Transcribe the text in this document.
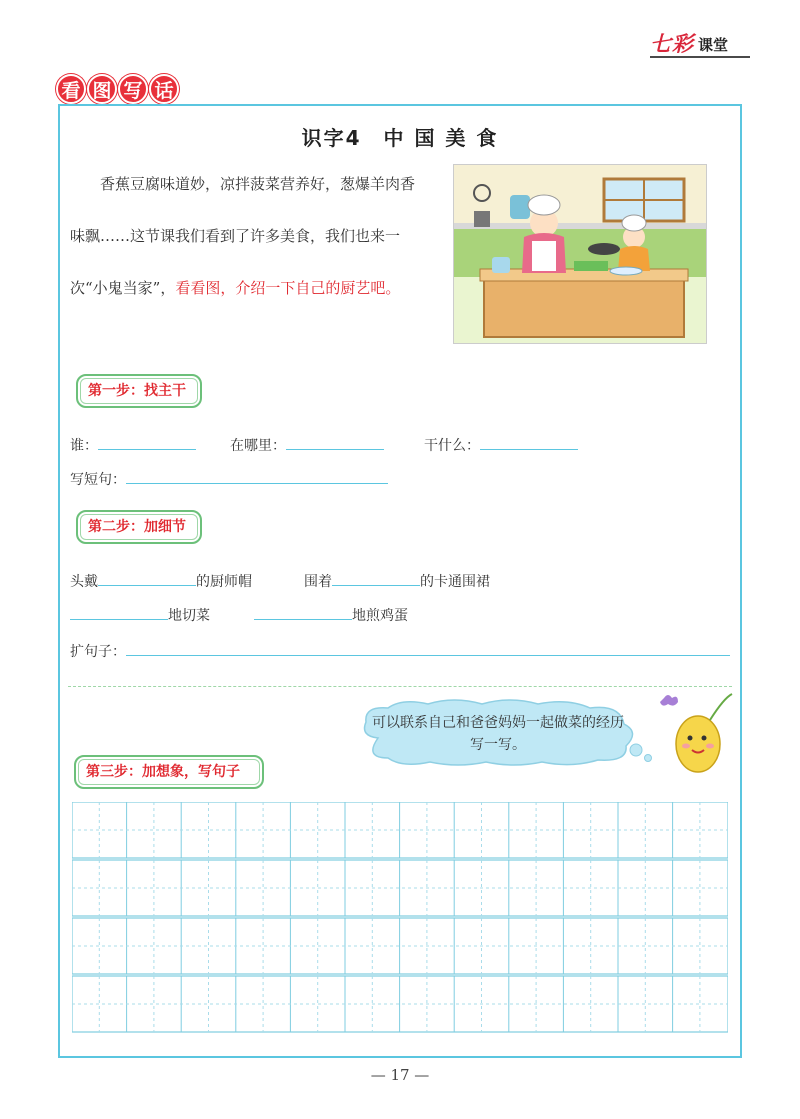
七彩 课堂
看 图 写 话
识字4　中 国 美 食
香蕉豆腐味道妙，凉拌菠菜营养好，葱爆羊肉香味飘……这节课我们看到了许多美食，我们也来一次“小鬼当家”，看看图，介绍一下自己的厨艺吧。
第一步：找主干
谁：	在哪里：	干什么：
写短句：
第二步：加细节
头戴	的厨师帽	围着	的卡通围裙
地切菜	地煎鸡蛋
扩句子：
可以联系自己和爸爸妈妈一起做菜的经历写一写。
第三步：加想象，写句子
— 17 —
